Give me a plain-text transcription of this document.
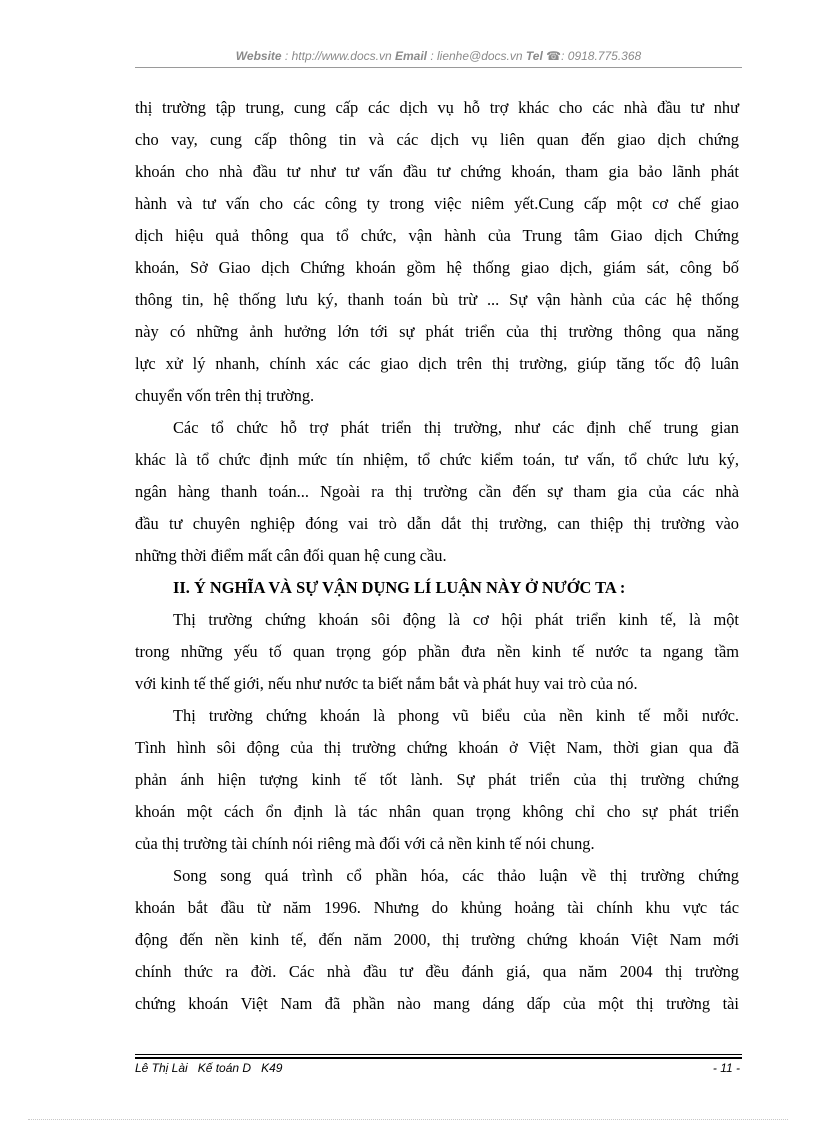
Website : http://www.docs.vn Email : lienhe@docs.vn Tel ☎: 0918.775.368
thị trường tập trung, cung cấp các dịch vụ hỗ trợ khác cho các nhà đầu tư như
cho vay, cung cấp thông tin và các dịch vụ liên quan đến giao dịch chứng
khoán cho nhà đầu tư như tư vấn đầu tư chứng khoán, tham gia bảo lãnh phát
hành và tư vấn cho các công ty trong việc niêm yết.Cung cấp một cơ chế giao
dịch hiệu quả thông qua tổ chức, vận hành của Trung tâm Giao dịch Chứng
khoán, Sở Giao dịch Chứng khoán gồm hệ thống giao dịch, giám sát, công bố
thông tin, hệ thống lưu ký, thanh toán bù trừ ... Sự vận hành của các hệ thống
này có những ảnh hưởng lớn tới sự phát triển của thị trường thông qua năng
lực xử lý nhanh, chính xác các giao dịch trên thị trường, giúp tăng tốc độ luân
chuyển vốn trên thị trường.
Các tổ chức hỗ trợ phát triển thị trường, như các định chế trung gian
khác là tổ chức định mức tín nhiệm, tổ chức kiểm toán, tư vấn, tổ chức lưu ký,
ngân hàng thanh toán... Ngoài ra thị trường cần đến sự tham gia của các nhà
đầu tư chuyên nghiệp đóng vai trò dẫn dắt thị trường, can thiệp thị trường vào
những thời điểm mất cân đối quan hệ cung cầu.
II. Ý NGHĨA VÀ SỰ VẬN DỤNG LÍ LUẬN NÀY Ở NƯỚC TA :
Thị trường chứng khoán sôi động là cơ hội phát triển kinh tế, là một
trong những yếu tố quan trọng góp phần đưa nền kinh tế nước ta ngang tầm
với kinh tế thế giới, nếu như nước ta biết nắm bắt và phát huy vai trò của nó.
Thị trường chứng khoán là phong vũ biểu của nền kinh tế mỗi nước.
Tình hình sôi động của thị trường chứng khoán ở Việt Nam, thời gian qua đã
phản ánh hiện tượng kinh tế tốt lành. Sự phát triển của thị trường chứng
khoán một cách ổn định là tác nhân quan trọng không chỉ cho sự phát triển
của thị trường tài chính nói riêng mà đối với cả nền kinh tế nói chung.
Song song quá trình cổ phần hóa, các thảo luận về thị trường chứng
khoán bắt đầu từ năm 1996. Nhưng do khủng hoảng tài chính khu vực tác
động đến nền kinh tế, đến năm 2000, thị trường chứng khoán Việt Nam mới
chính thức ra đời. Các nhà đầu tư đều đánh giá, qua năm 2004 thị trường
chứng khoán Việt Nam đã phần nào mang dáng dấp của một thị trường tài
Lê Thị Lài   Kế toán D   K49	- 11 -
